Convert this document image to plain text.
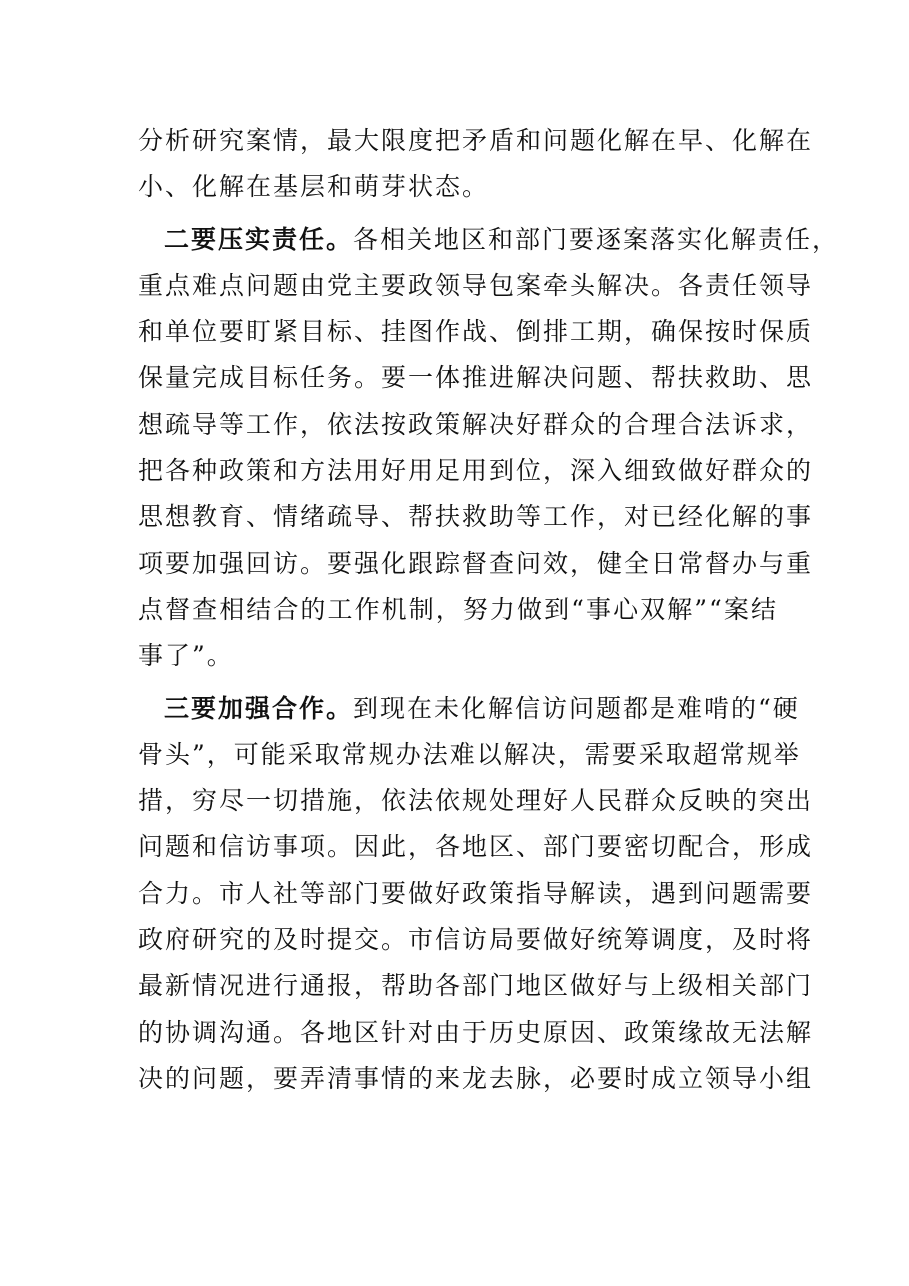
分析研究案情，最大限度把矛盾和问题化解在早、化解在
小、化解在基层和萌芽状态。
二要压实责任。各相关地区和部门要逐案落实化解责任，
重点难点问题由党主要政领导包案牵头解决。各责任领导
和单位要盯紧目标、挂图作战、倒排工期，确保按时保质
保量完成目标任务。要一体推进解决问题、帮扶救助、思
想疏导等工作，依法按政策解决好群众的合理合法诉求，
把各种政策和方法用好用足用到位，深入细致做好群众的
思想教育、情绪疏导、帮扶救助等工作，对已经化解的事
项要加强回访。要强化跟踪督查问效，健全日常督办与重
点督查相结合的工作机制，努力做到“事心双解”“案结
事了”。
三要加强合作。到现在未化解信访问题都是难啃的“硬
骨头”，可能采取常规办法难以解决，需要采取超常规举
措，穷尽一切措施，依法依规处理好人民群众反映的突出
问题和信访事项。因此，各地区、部门要密切配合，形成
合力。市人社等部门要做好政策指导解读，遇到问题需要
政府研究的及时提交。市信访局要做好统筹调度，及时将
最新情况进行通报，帮助各部门地区做好与上级相关部门
的协调沟通。各地区针对由于历史原因、政策缘故无法解
决的问题，要弄清事情的来龙去脉，必要时成立领导小组
